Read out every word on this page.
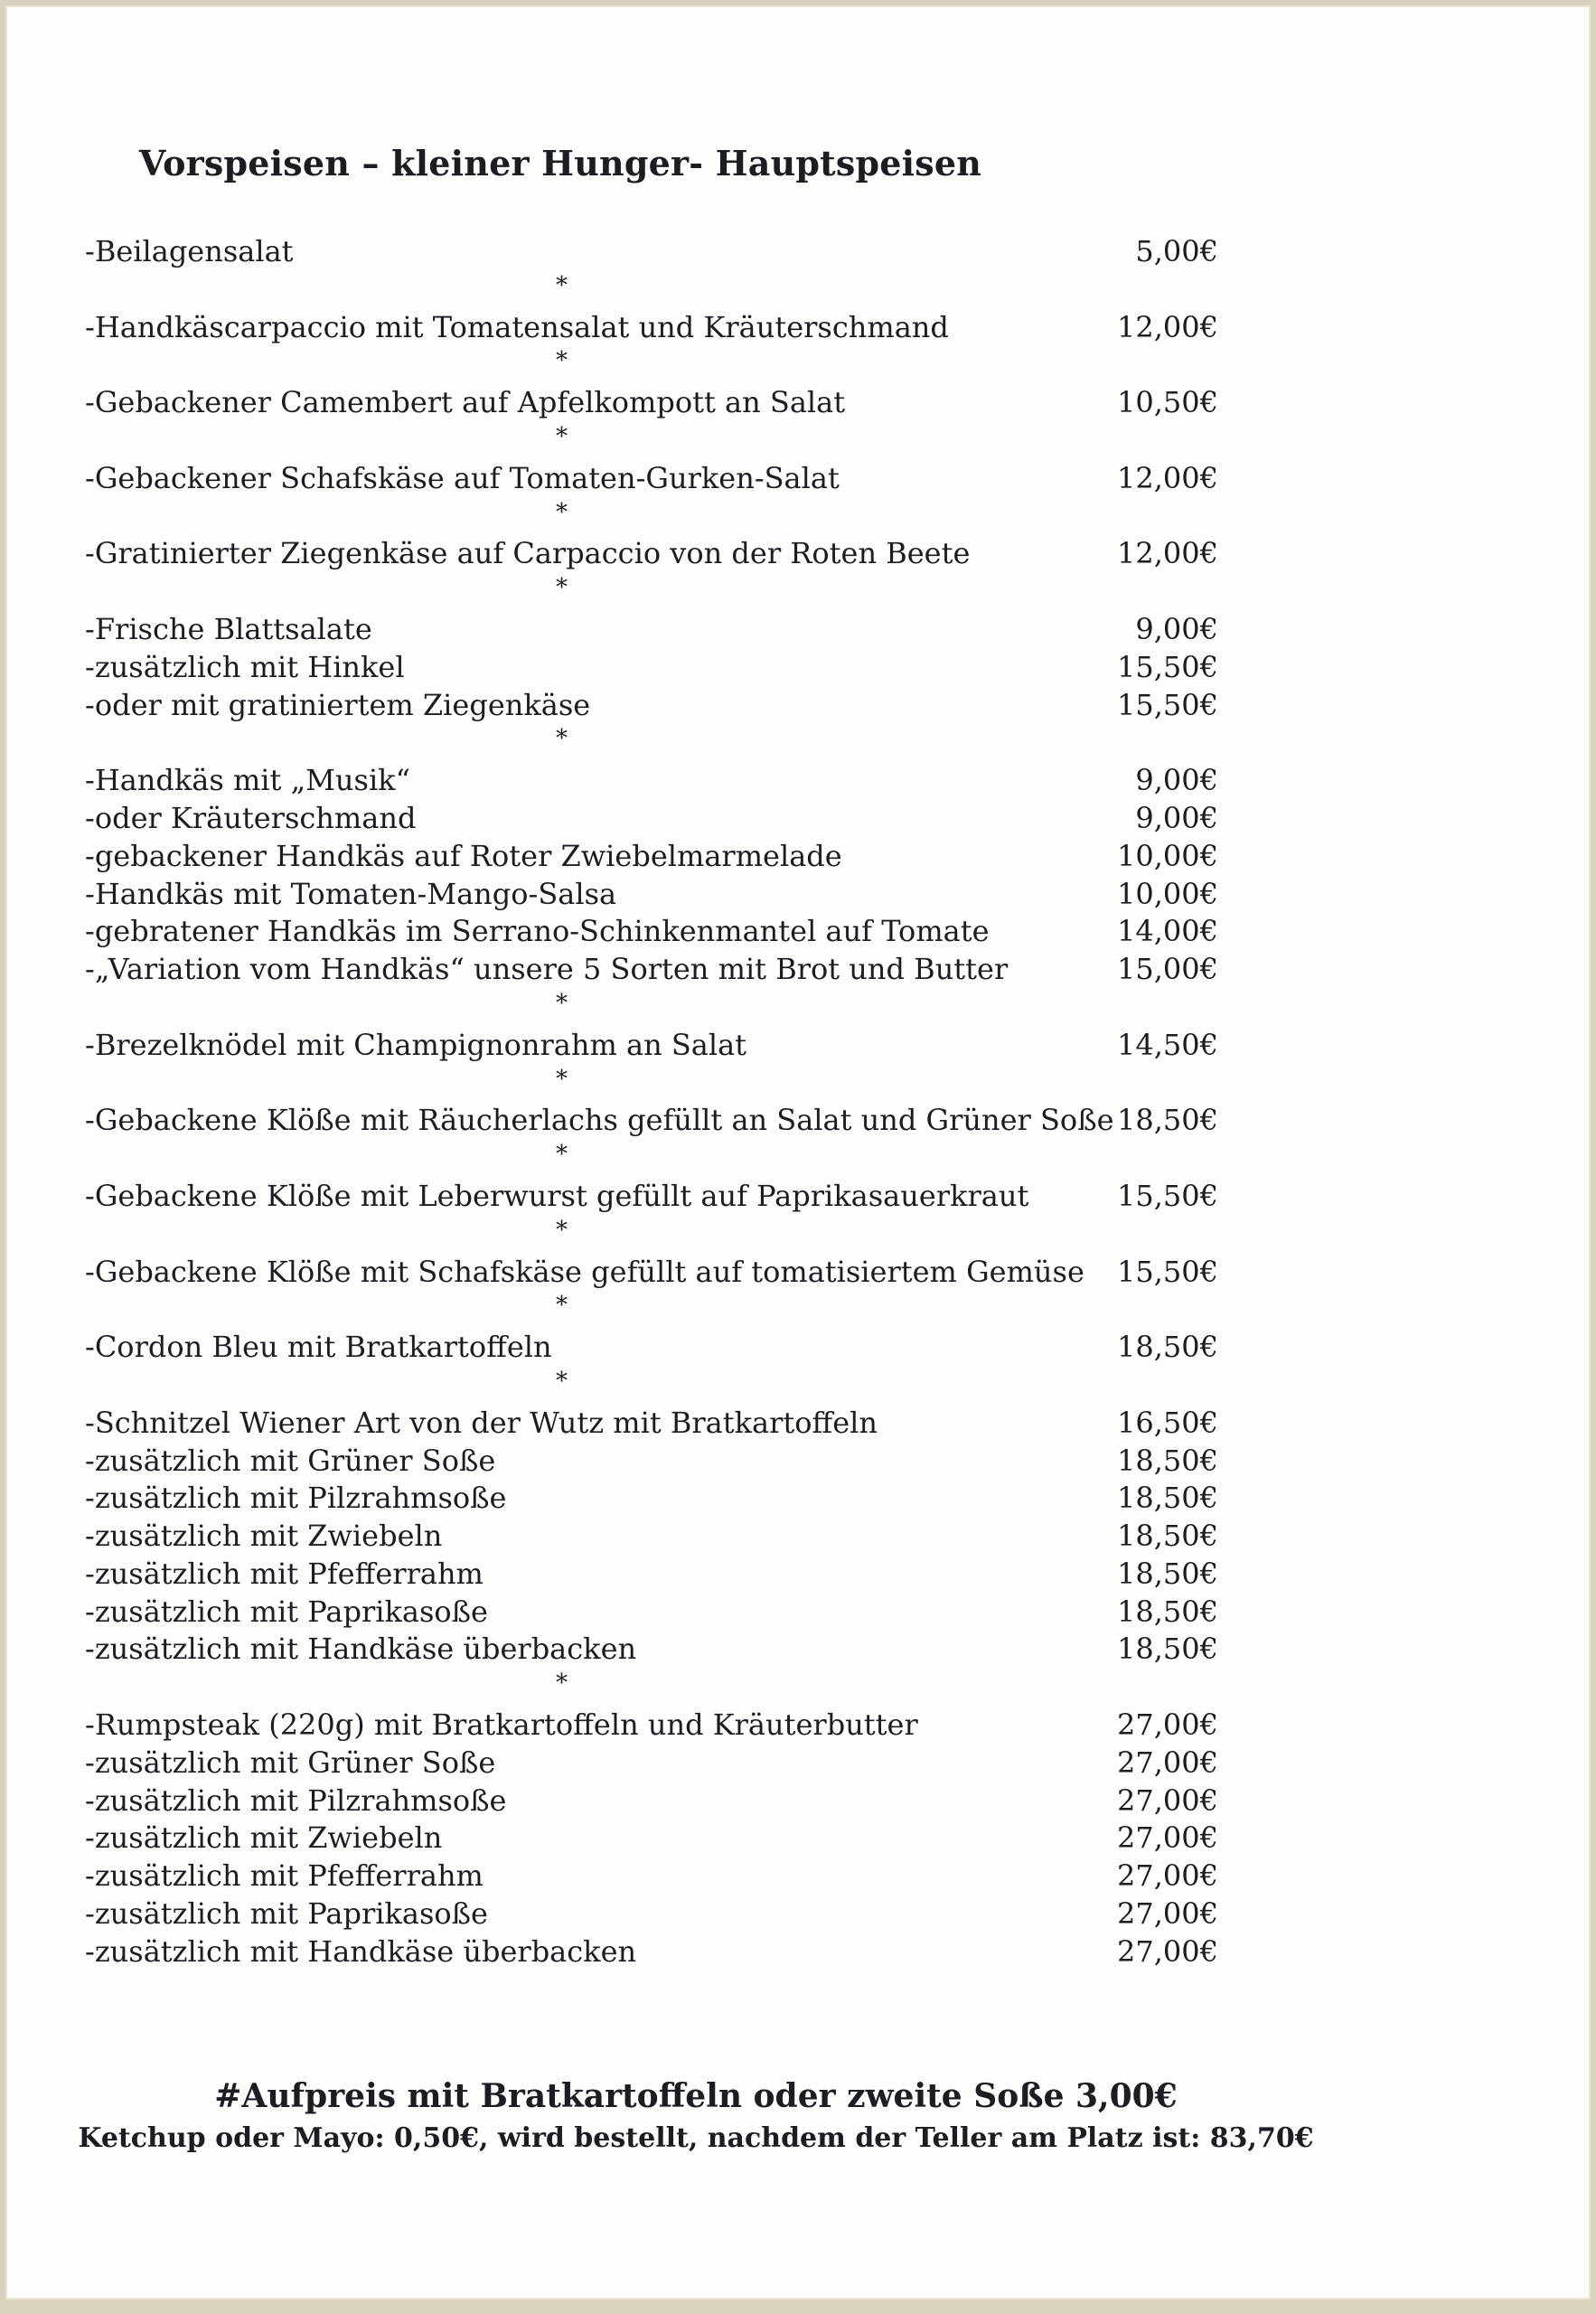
Vorspeisen – kleiner Hunger- Hauptspeisen
-Beilagensalat	5,00€
*
-Handkäscarpaccio mit Tomatensalat und Kräuterschmand	12,00€
*
-Gebackener Camembert auf Apfelkompott an Salat	10,50€
*
-Gebackener Schafskäse auf Tomaten-Gurken-Salat	12,00€
*
-Gratinierter Ziegenkäse auf Carpaccio von der Roten Beete	12,00€
*
-Frische Blattsalate	9,00€
-zusätzlich mit Hinkel	15,50€
-oder mit gratiniertem Ziegenkäse	15,50€
*
-Handkäs mit „Musik“	9,00€
-oder Kräuterschmand	9,00€
-gebackener Handkäs auf Roter Zwiebelmarmelade	10,00€
-Handkäs mit Tomaten-Mango-Salsa	10,00€
-gebratener Handkäs im Serrano-Schinkenmantel auf Tomate	14,00€
-„Variation vom Handkäs“ unsere 5 Sorten mit Brot und Butter	15,00€
*
-Brezelknödel mit Champignonrahm an Salat	14,50€
*
-Gebackene Klöße mit Räucherlachs gefüllt an Salat und Grüner Soße 18,50€
*
-Gebackene Klöße mit Leberwurst gefüllt auf Paprikasauerkraut	15,50€
*
-Gebackene Klöße mit Schafskäse gefüllt auf tomatisiertem Gemüse 15,50€
*
-Cordon Bleu mit Bratkartoffeln	18,50€
*
-Schnitzel Wiener Art von der Wutz mit Bratkartoffeln	16,50€
-zusätzlich mit Grüner Soße	18,50€
-zusätzlich mit Pilzrahmsoße	18,50€
-zusätzlich mit Zwiebeln	18,50€
-zusätzlich mit Pfefferrahm	18,50€
-zusätzlich mit Paprikasoße	18,50€
-zusätzlich mit Handkäse überbacken	18,50€
*
-Rumpsteak (220g) mit Bratkartoffeln und Kräuterbutter	27,00€
-zusätzlich mit Grüner Soße	27,00€
-zusätzlich mit Pilzrahmsoße	27,00€
-zusätzlich mit Zwiebeln	27,00€
-zusätzlich mit Pfefferrahm	27,00€
-zusätzlich mit Paprikasoße	27,00€
-zusätzlich mit Handkäse überbacken	27,00€
#Aufpreis mit Bratkartoffeln oder zweite Soße 3,00€
Ketchup oder Mayo: 0,50€, wird bestellt, nachdem der Teller am Platz ist: 83,70€
